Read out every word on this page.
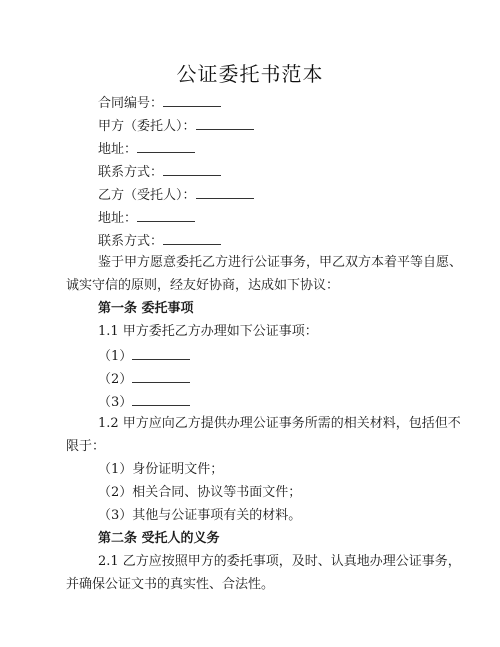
公证委托书范本
合同编号：
甲方（委托人）：
地址：
联系方式：
乙方（受托人）：
地址：
联系方式：
鉴于甲方愿意委托乙方进行公证事务，甲乙双方本着平等自愿、
诚实守信的原则，经友好协商，达成如下协议：
第一条 委托事项
1.1 甲方委托乙方办理如下公证事项：
（1）
（2）
（3）
1.2 甲方应向乙方提供办理公证事务所需的相关材料，包括但不
限于：
（1）身份证明文件；
（2）相关合同、协议等书面文件；
（3）其他与公证事项有关的材料。
第二条 受托人的义务
2.1 乙方应按照甲方的委托事项，及时、认真地办理公证事务，
并确保公证文书的真实性、合法性。
